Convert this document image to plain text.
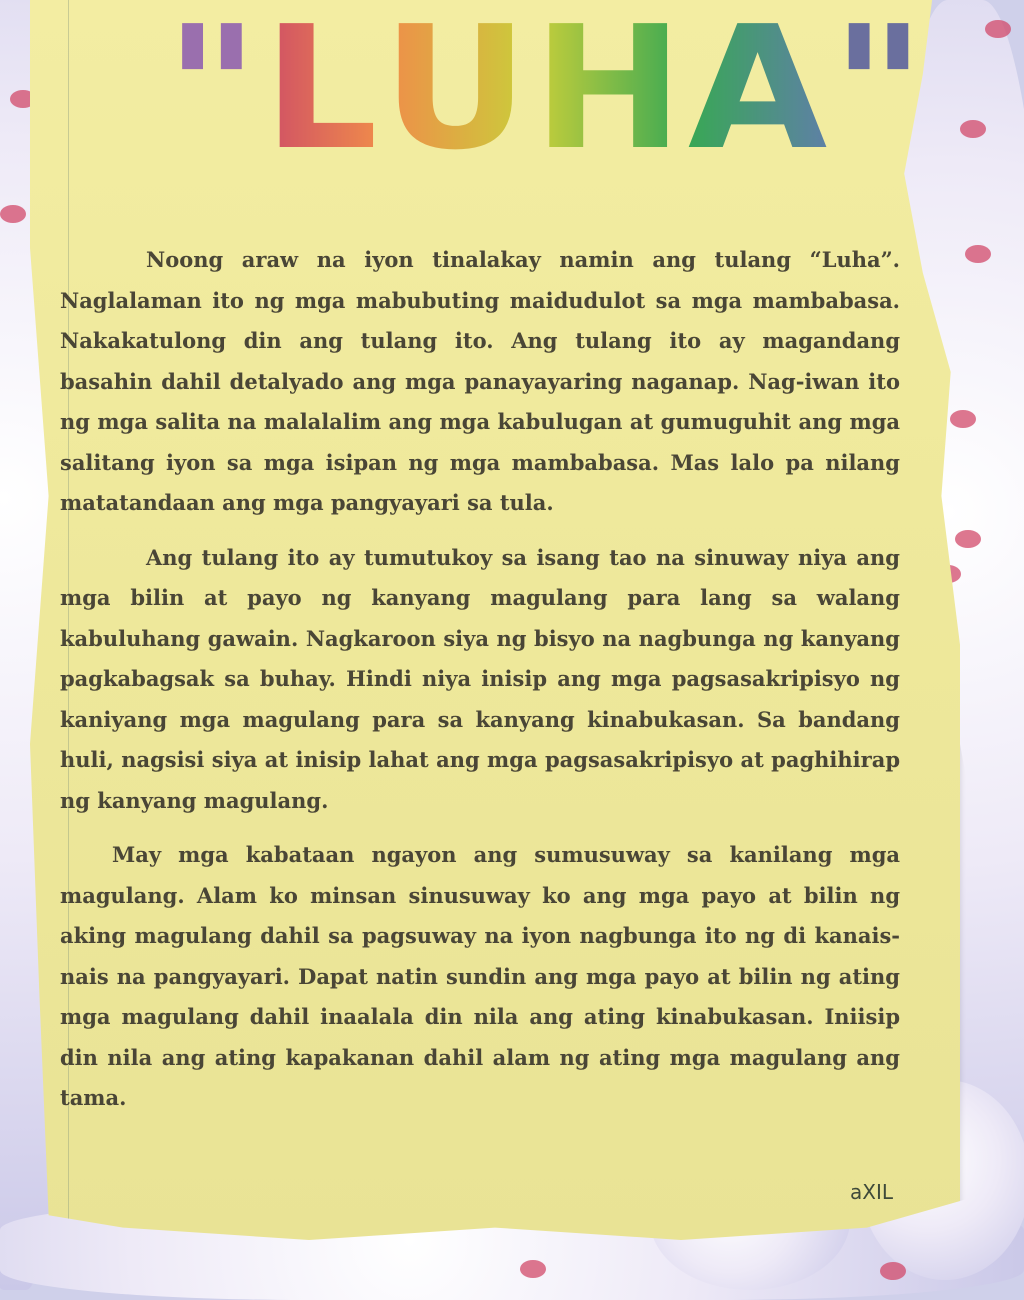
"LUHA"

Noong araw na iyon tinalakay namin ang tulang “Luha”. Naglalaman ito ng mga mabubuting maidudulot sa mga mambabasa. Nakakatulong din ang tulang ito. Ang tulang ito ay magandang basahin dahil detalyado ang mga panayayaring naganap. Nag-iwan ito ng mga salita na malalalim ang mga kabulugan at gumuguhit ang mga salitang iyon sa mga isipan ng mga mambabasa. Mas lalo pa nilang matatandaan ang mga pangyayari sa tula.

Ang tulang ito ay tumutukoy sa isang tao na sinuway niya ang mga bilin at payo ng kanyang magulang para lang sa walang kabuluhang gawain. Nagkaroon siya ng bisyo na nagbunga ng kanyang pagkabagsak sa buhay. Hindi niya inisip ang mga pagsasakripisyo ng kaniyang mga magulang para sa kanyang kinabukasan. Sa bandang huli, nagsisi siya at inisip lahat ang mga pagsasakripisyo at paghihirap ng kanyang magulang.

May mga kabataan ngayon ang sumusuway sa kanilang mga magulang. Alam ko minsan sinusuway ko ang mga payo at bilin ng aking magulang dahil sa pagsuway na iyon nagbunga ito ng di kanais-nais na pangyayari. Dapat natin sundin ang mga payo at bilin ng ating mga magulang dahil inaalala din nila ang ating kinabukasan. Iniisip din nila ang ating kapakanan dahil alam ng ating mga magulang ang tama.

aXIL
